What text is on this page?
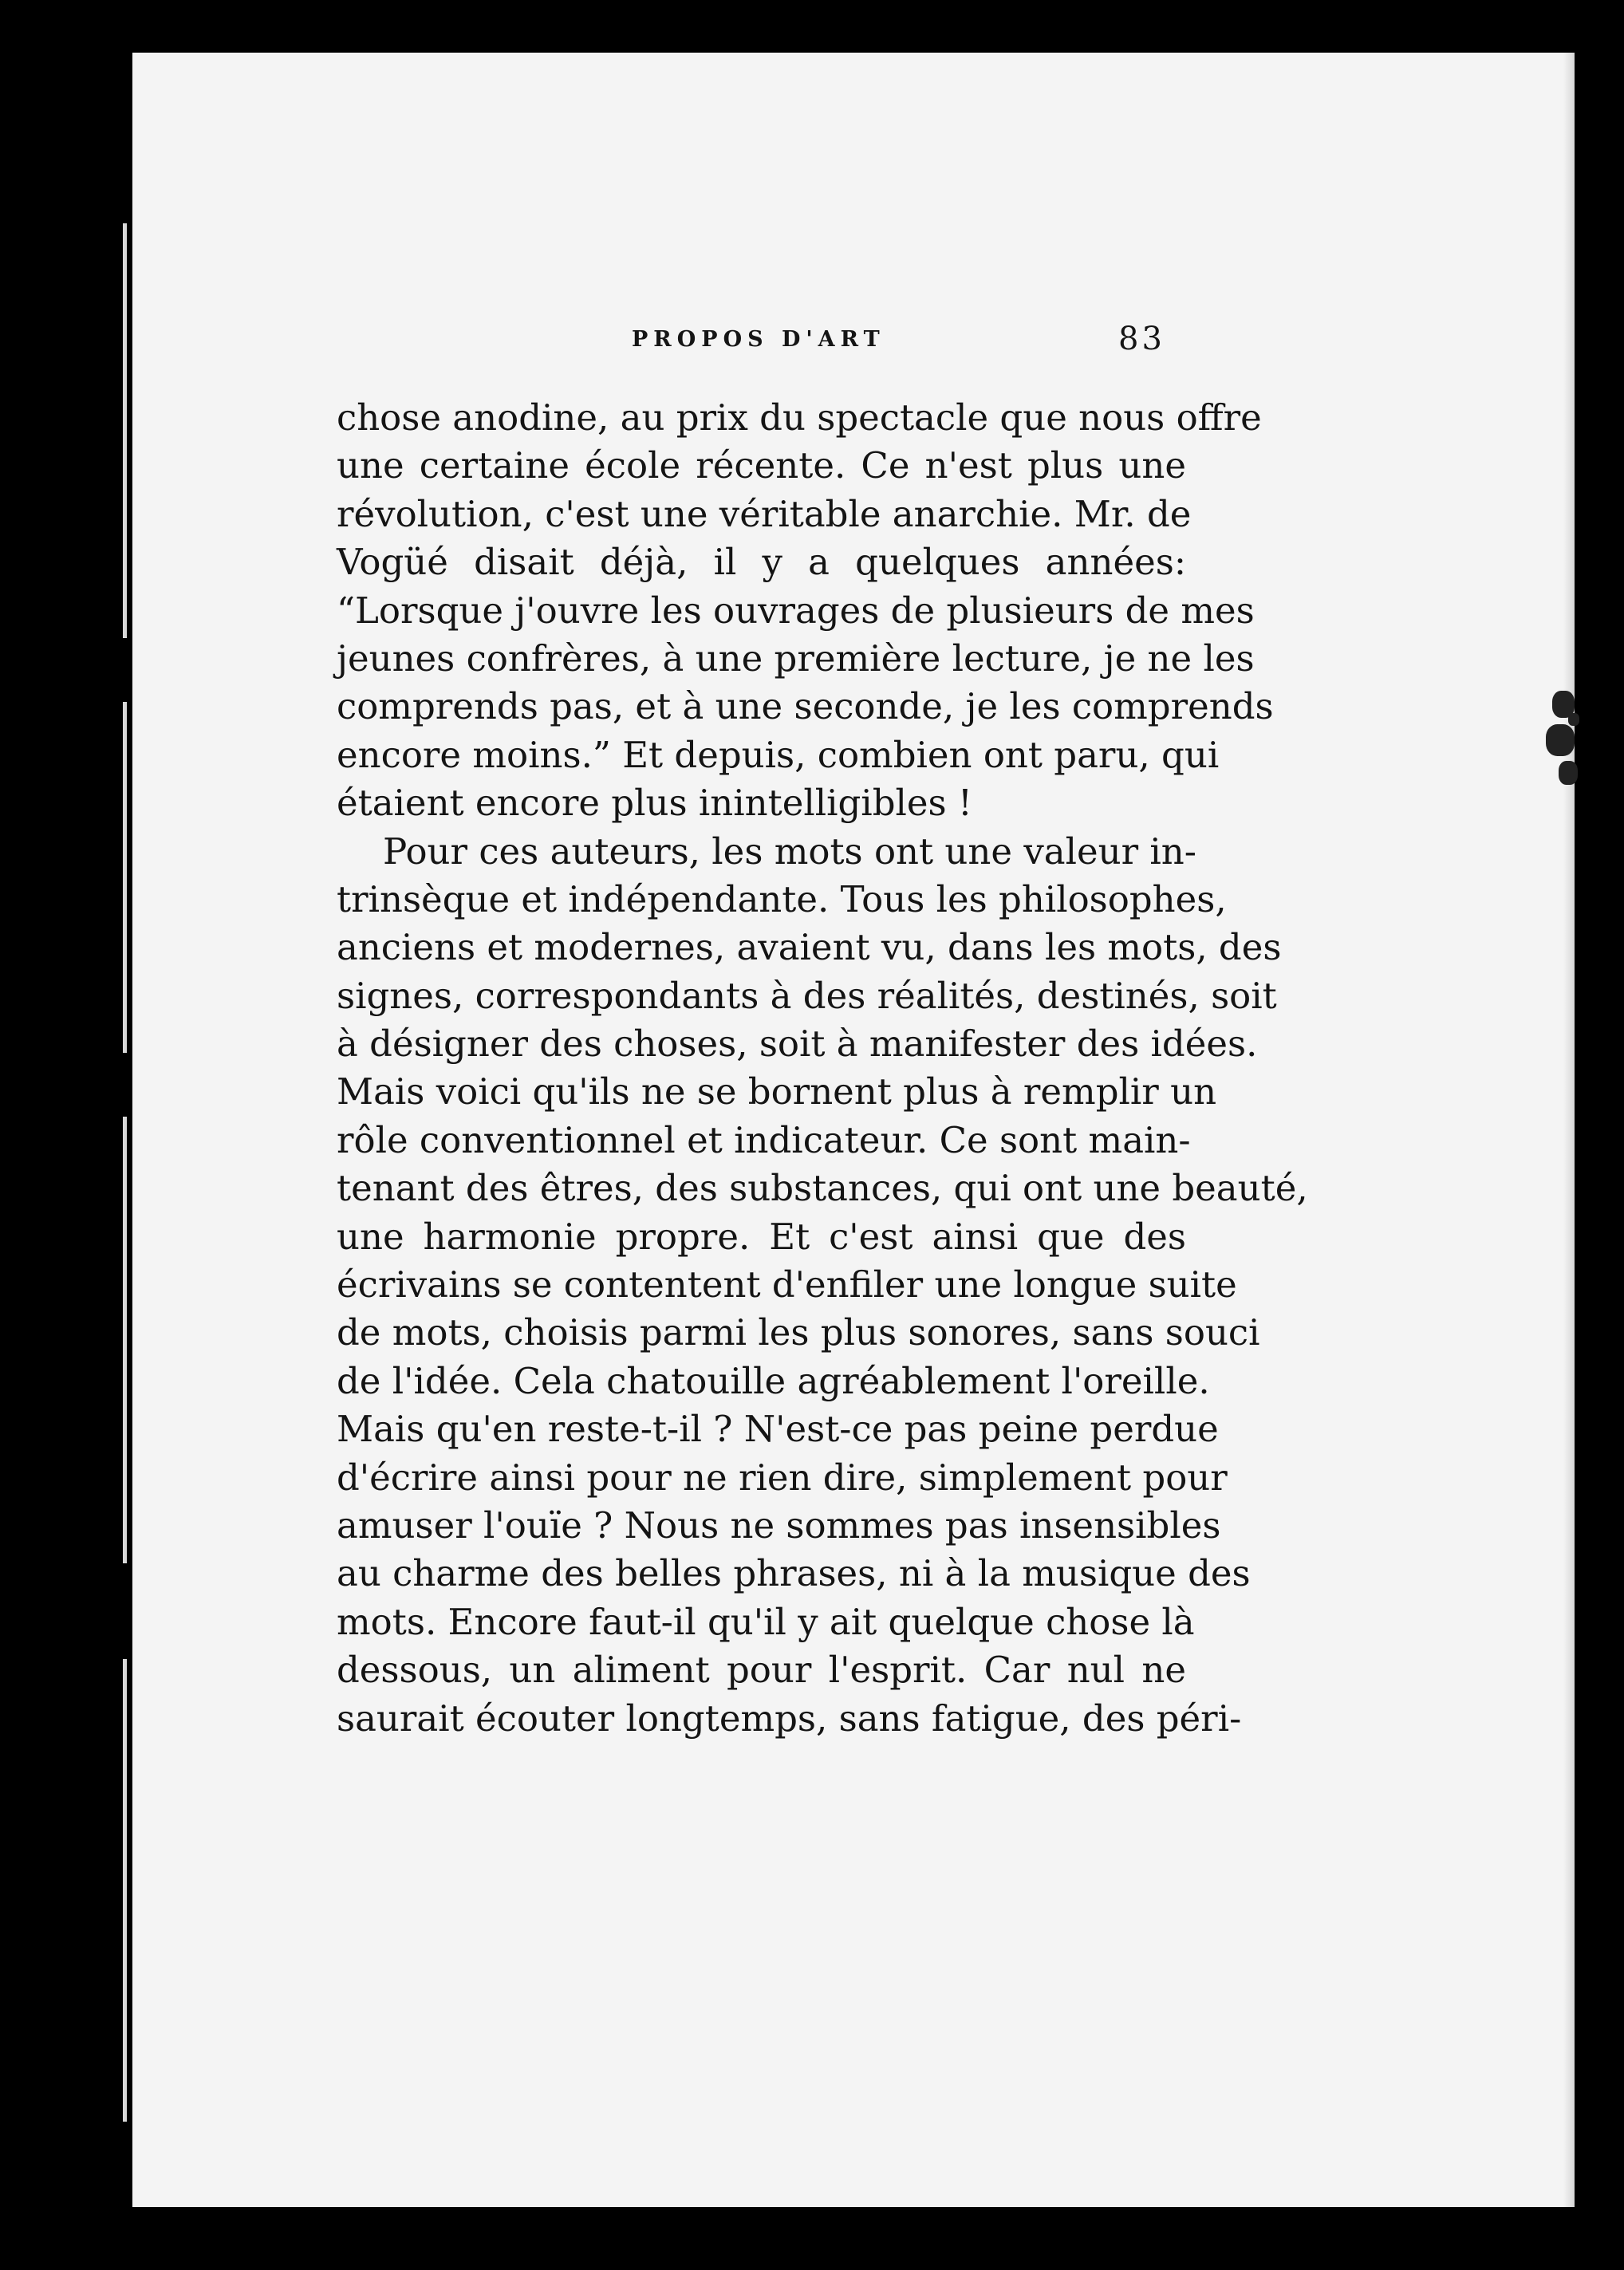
PROPOS D'ART	83
chose anodine, au prix du spectacle que nous offre
une certaine école récente. Ce n'est plus une
révolution, c'est une véritable anarchie. Mr. de
Vogüé disait déjà, il y a quelques années:
“Lorsque j'ouvre les ouvrages de plusieurs de mes
jeunes confrères, à une première lecture, je ne les
comprends pas, et à une seconde, je les comprends
encore moins.” Et depuis, combien ont paru, qui
étaient encore plus inintelligibles !
Pour ces auteurs, les mots ont une valeur in-
trinsèque et indépendante. Tous les philosophes,
anciens et modernes, avaient vu, dans les mots, des
signes, correspondants à des réalités, destinés, soit
à désigner des choses, soit à manifester des idées.
Mais voici qu'ils ne se bornent plus à remplir un
rôle conventionnel et indicateur. Ce sont main-
tenant des êtres, des substances, qui ont une beauté,
une harmonie propre. Et c'est ainsi que des
écrivains se contentent d'enfiler une longue suite
de mots, choisis parmi les plus sonores, sans souci
de l'idée. Cela chatouille agréablement l'oreille.
Mais qu'en reste-t-il ? N'est-ce pas peine perdue
d'écrire ainsi pour ne rien dire, simplement pour
amuser l'ouïe ? Nous ne sommes pas insensibles
au charme des belles phrases, ni à la musique des
mots. Encore faut-il qu'il y ait quelque chose là
dessous, un aliment pour l'esprit. Car nul ne
saurait écouter longtemps, sans fatigue, des péri-
